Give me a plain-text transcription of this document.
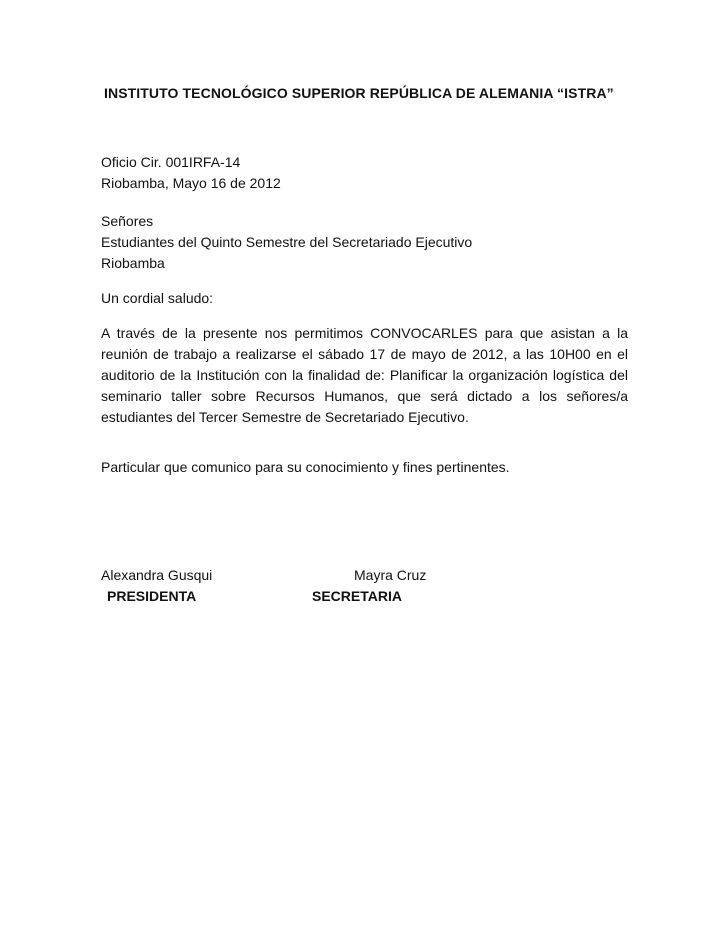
INSTITUTO TECNOLÓGICO SUPERIOR REPÚBLICA DE ALEMANIA “ISTRA”
Oficio Cir. 001IRFA-14
Riobamba, Mayo 16 de 2012
Señores
Estudiantes del Quinto Semestre del Secretariado Ejecutivo
Riobamba
Un cordial saludo:
A través de la presente nos permitimos CONVOCARLES para que asistan a la reunión de trabajo a realizarse el sábado 17 de mayo de 2012, a las 10H00 en el auditorio de la Institución con la finalidad de: Planificar la organización logística del seminario taller sobre Recursos Humanos, que será dictado a los señores/a estudiantes del Tercer Semestre de Secretariado Ejecutivo.
Particular que comunico para su conocimiento y fines pertinentes.
Alexandra Gusqui
PRESIDENTA
Mayra Cruz
SECRETARIA
